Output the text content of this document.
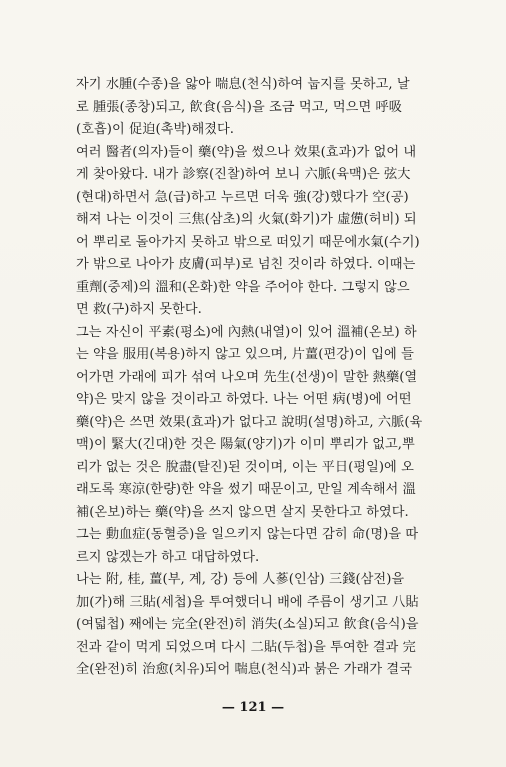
자기 水腫(수종)을 앓아 喘息(천식)하여 눕지를 못하고, 날
로 腫張(종창)되고, 飮食(음식)을 조금 먹고, 먹으면 呼吸
(호흡)이 促迫(촉박)해졌다.
여러 醫者(의자)들이 藥(약)을 썼으나 效果(효과)가 없어 내
게 찾아왔다. 내가 診察(진찰)하여 보니 六脈(육맥)은 弦大
(현대)하면서 急(급)하고 누르면 더욱 強(강)했다가 空(공)
해져 나는 이것이 三焦(삼초)의 火氣(화기)가 虛憊(허비) 되
어 뿌리로 돌아가지 못하고 밖으로 떠있기 때문에水氣(수기)
가 밖으로 나아가 皮膚(피부)로 넘친 것이라 하였다. 이때는
重劑(중제)의 溫和(온화)한 약을 주어야 한다. 그렇지 않으
면 救(구)하지 못한다.
그는 자신이 平素(평소)에 內熱(내열)이 있어 溫補(온보) 하
는 약을 服用(복용)하지 않고 있으며, 片薑(편강)이 입에 들
어가면 가래에 피가 섞여 나오며 先生(선생)이 말한 熱藥(열
약)은 맞지 않을 것이라고 하였다. 나는 어떤 病(병)에 어떤
藥(약)은 쓰면 效果(효과)가 없다고 說明(설명)하고, 六脈(육
맥)이 緊大(긴대)한 것은 陽氣(양기)가 이미 뿌리가 없고,뿌
리가 없는 것은 脫盡(탈진)된 것이며, 이는 平日(평일)에 오
래도록 寒涼(한량)한 약을 썼기 때문이고, 만일 계속해서 溫
補(온보)하는 藥(약)을 쓰지 않으면 살지 못한다고 하였다.
그는 動血症(동혈증)을 일으키지 않는다면 감히 命(명)을 따
르지 않겠는가 하고 대답하였다.
나는 附, 桂, 薑(부, 계, 강) 등에 人蔘(인삼) 三錢(삼전)을
加(가)해 三貼(세첩)을 투여했더니 배에 주름이 생기고 八貼
(여덟첩) 째에는 完全(완전)히 消失(소실)되고 飮食(음식)을
전과 같이 먹게 되었으며 다시 二貼(두첩)을 투여한 결과 完
全(완전)히 治愈(치유)되어 喘息(천식)과 붉은 가래가 결국
— 121 —
